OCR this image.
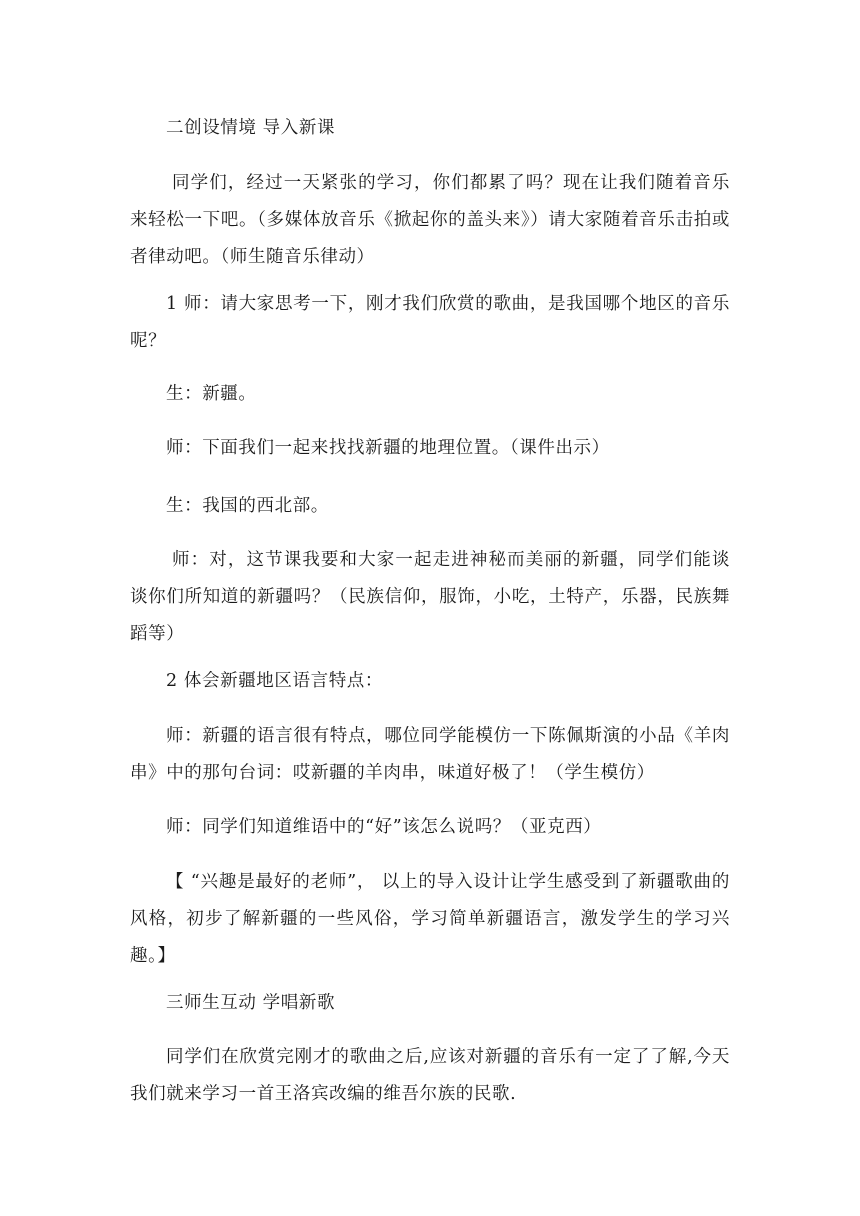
二创设情境 导入新课

同学们，经过一天紧张的学习，你们都累了吗？现在让我们随着音乐来轻松一下吧。（多媒体放音乐《掀起你的盖头来》）请大家随着音乐击拍或者律动吧。（师生随音乐律动）

1 师：请大家思考一下，刚才我们欣赏的歌曲，是我国哪个地区的音乐呢？

生：新疆。

师：下面我们一起来找找新疆的地理位置。（课件出示）

生：我国的西北部。

师：对，这节课我要和大家一起走进神秘而美丽的新疆，同学们能谈谈你们所知道的新疆吗？（民族信仰，服饰，小吃，土特产，乐器，民族舞蹈等）

2 体会新疆地区语言特点：

师：新疆的语言很有特点，哪位同学能模仿一下陈佩斯演的小品《羊肉串》中的那句台词：哎新疆的羊肉串，味道好极了！（学生模仿）

师：同学们知道维语中的“好”该怎么说吗？（亚克西）

【 “兴趣是最好的老师”， 以上的导入设计让学生感受到了新疆歌曲的风格，初步了解新疆的一些风俗，学习简单新疆语言，激发学生的学习兴趣。】

三师生互动 学唱新歌

同学们在欣赏完刚才的歌曲之后,应该对新疆的音乐有一定了了解,今天我们就来学习一首王洛宾改编的维吾尔族的民歌.
